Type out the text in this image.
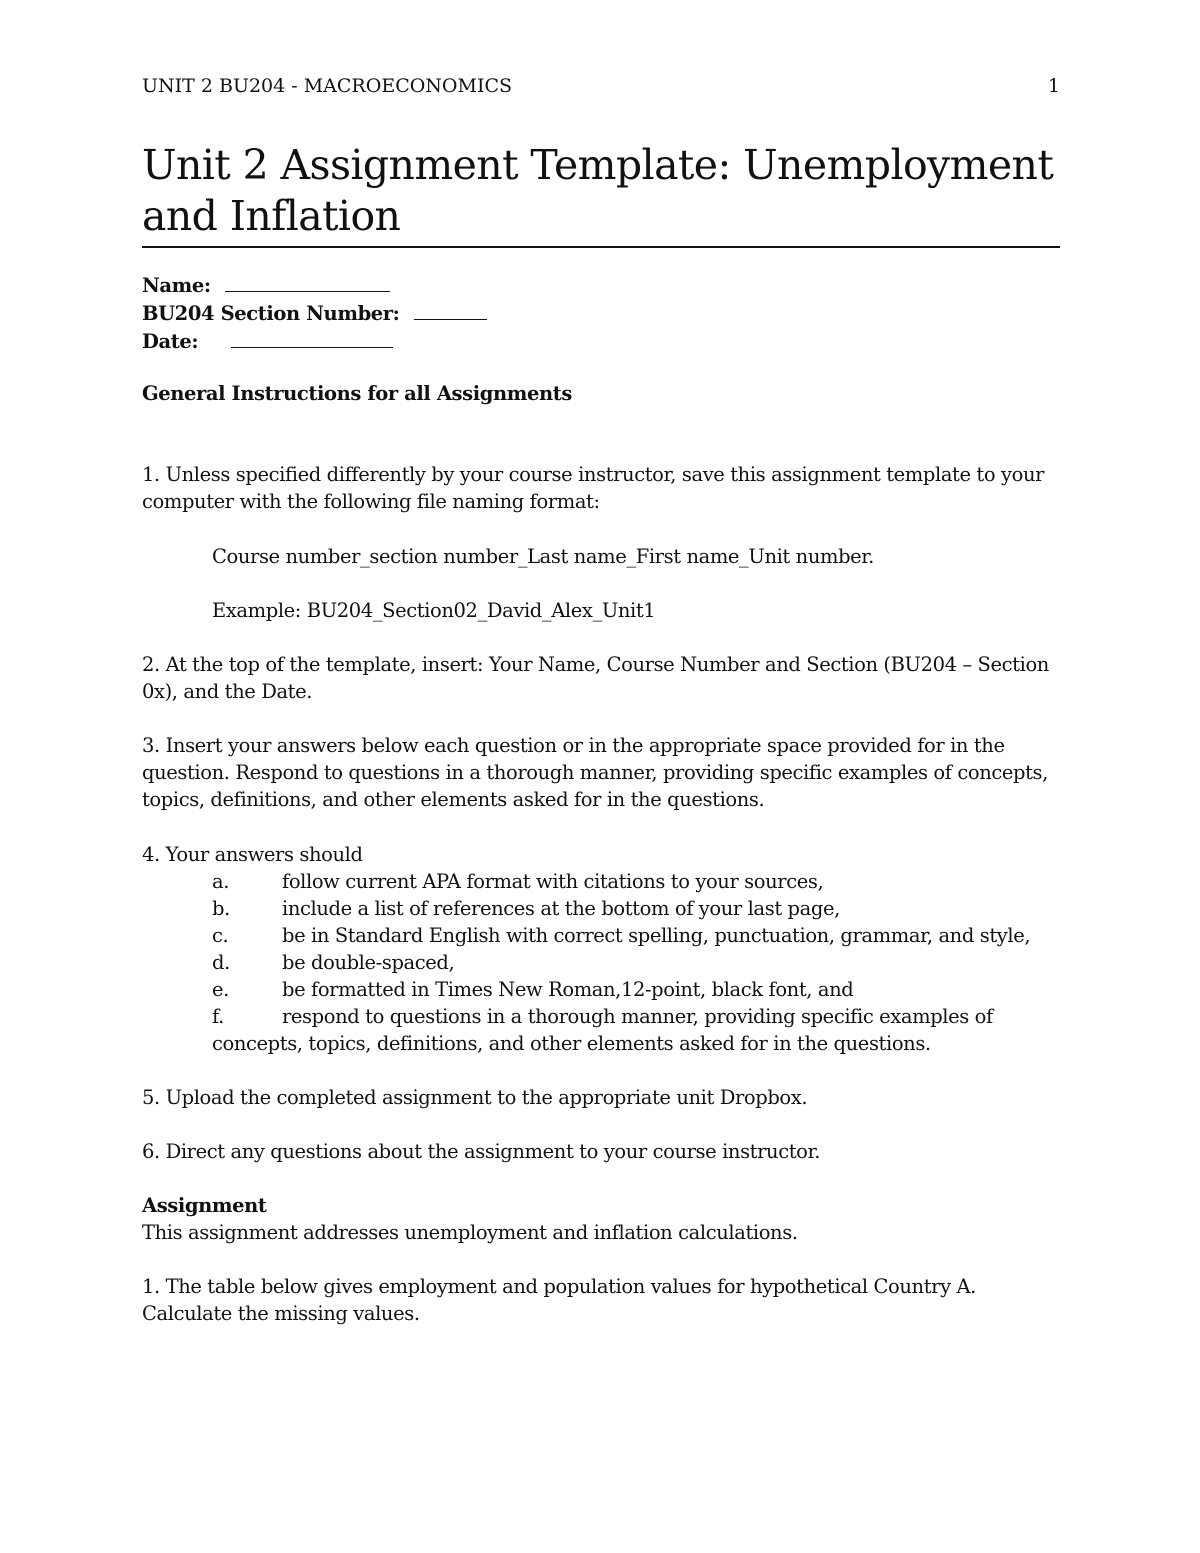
UNIT 2 BU204 - MACROECONOMICS	1
Unit 2 Assignment Template: Unemployment and Inflation
Name:
BU204 Section Number:
Date:
General Instructions for all Assignments

1. Unless specified differently by your course instructor, save this assignment template to your computer with the following file naming format:

Course number_section number_Last name_First name_Unit number.

Example: BU204_Section02_David_Alex_Unit1

2. At the top of the template, insert: Your Name, Course Number and Section (BU204 – Section 0x), and the Date.

3. Insert your answers below each question or in the appropriate space provided for in the question. Respond to questions in a thorough manner, providing specific examples of concepts, topics, definitions, and other elements asked for in the questions.

4. Your answers should
a.	follow current APA format with citations to your sources,
b.	include a list of references at the bottom of your last page,
c.	be in Standard English with correct spelling, punctuation, grammar, and style,
d.	be double-spaced,
e.	be formatted in Times New Roman,12-point, black font, and
f.	respond to questions in a thorough manner, providing specific examples of
concepts, topics, definitions, and other elements asked for in the questions.

5. Upload the completed assignment to the appropriate unit Dropbox.

6. Direct any questions about the assignment to your course instructor.

Assignment
This assignment addresses unemployment and inflation calculations.

1. The table below gives employment and population values for hypothetical Country A. Calculate the missing values.
